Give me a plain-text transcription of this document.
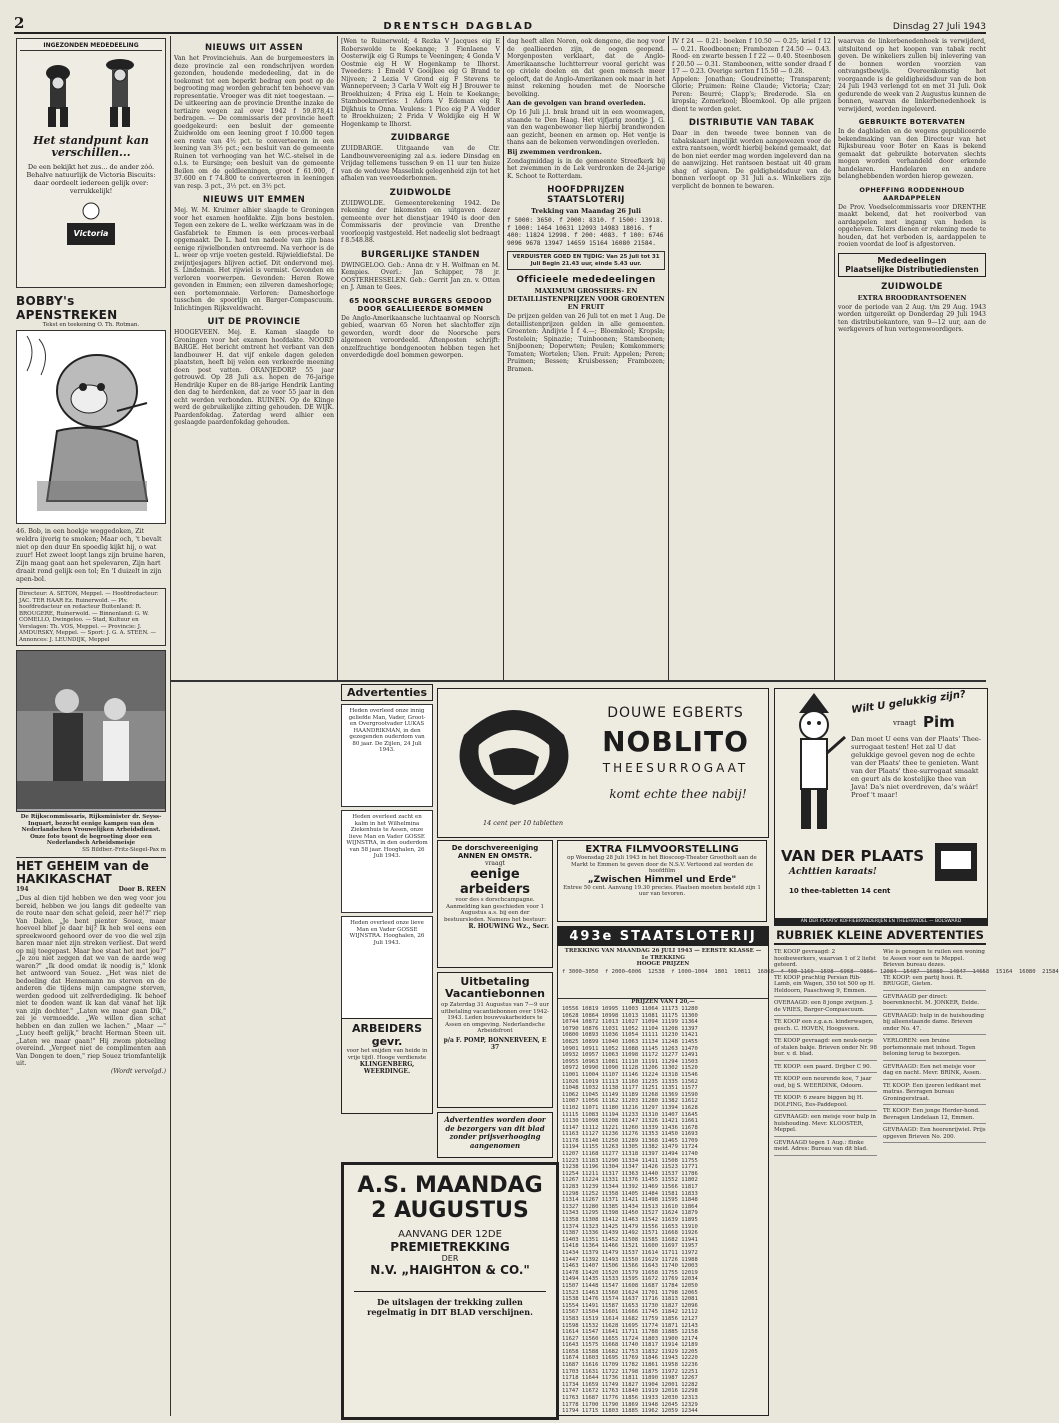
2	DRENTSCH DAGBLAD	Dinsdag 27 Juli 1943
INGEZONDEN MEDEDEELING
Het standpunt kan verschillen...
De een bekijkt het zus... de ander zóó. Behalve natuurlijk de Victoria Biscuits: daar oordeelt iedereen gelijk over: verrukkelijk!
Victoria
BOBBY's APENSTREKEN
Tekst en teekening O. Th. Rotman.
46. Bob, in een hoekje weggedoken, Zit weldra ijverig te smoken; Maar och, 't bevalt niet op den duur En spoedig kijkt hij, o wat zuur! Het zweet loopt langs zijn bruine haren, Zijn maag gaat aan het spelevaren, Zijn hart draait rond gelijk een tol; En 'I duizelt in zijn apen-bol.
Directeur: A. SETON, Meppel. — Hoofdredacteur: JAC. TER HAAR Ez. Ruinerwold. — Plv. hoofdredacteur en redacteur Buitenland: R. BROUGERE, Ruinerwold. — Binnenland: G. W. COMELLO, Dwingeloo. — Stad, Kultuur en Verslagen: Th. VOS, Meppel. — Provincie: J. AMDURSKY, Meppel. — Sport: J. G. A. STEEN. — Annonces: J. LEUNDIJK, Meppel
De Rijkscommissaris, Rijksminister dr. Seyss-Inquart, bezocht eenige kampen van den Nederlandschen Vrouwelijken Arbeidsdienst. Onze foto toont de begroeting door een Nederlandsch Arbeidsmeisje
SS Bildber.-Fritz-Siegel-Pax m
HET GEHEIM van de HAKIKASCHAT
194	Door B. REEN
„Dus al dien tijd hebben we den weg voor jou bereid, hebben we jou langs dit gedeelte van de route naar den schat geleid, zeer hé!?" riep Van Dalen. „Je bent pienter Souez, maar hoeveel blief je daar bij? Ik heb wel eens een spreekwoord gehoord over de voo die wel zijn haren maar niet zijn streken verliest. Dat werd op mij toegepast. Maar hoe staat het met jou?" „Je zou niet zeggen dat we van de aarde weg waren?" „Ik dood omdat ik noodig is," klonk het antwoord van Souez. „Het was niet de bedoeling dat Hennemann nu sterven en de anderen die tijdens mijn campagne sterven, werden gedood uit zelfverdediging. Ik behoef niet te dooden want ik kan dat vanaf het lijk van zijn dochter." „Laten we maar gaan Dik," zei je vermoedde. „We willen dien schat hebben en dan zullen we lachen." „Maar —" „Lucy heeft gelijk," bracht Herman Steen uit. „Laten we maar gaan!" Hij zwom plotseling overeind. „Vergeet niet de complimenten aan Van Dongen te doen," riep Souez triomfantelijk uit.
(Wordt vervolgd.)
NIEUWS UIT ASSEN
Van het Provinciehuis. Aan de burgemeesters in deze provincie zal een rondschrijven worden gezonden, houdende mededeeling, dat in de toekomst tot een beperkt bedrag een post op de begrooting mag worden gebracht ten behoeve van representatie. Vroeger was dit niet toegestaan. — De uitkeering aan de provincie Drenthe inzake de tertiaire wegen zal over 1942 f 59.878,41 bedragen. — De commissaris der provincie heeft goedgekeurd: een besluit der gemeente Zuidwolde om een leening groot f 10.000 tegen een rente van 4½ pct. te converteeren in een leening van 3½ pct.; een besluit van de gemeente Ruinen tot verhooging van het W.C.-stelsel in de o.l.s. te Eursinge; een besluit van de gemeente Beilen om de geldleeningen, groot f 61.900, f 37.600 en f 74.800 te converteeren in leeningen van resp. 3 pct., 3½ pct. en 3½ pct.
NIEUWS UIT EMMEN
Mej. W. M. Kruimer alhier slaagde te Groningen voor het examen hoofdakte. Zijn bons bestolen. Tegen een zekere de L. welke werkzaam was in de Gasfabriek te Emmen is een proces-verbaal opgemaakt. De L. had ten nadeele van zijn baas eenige rijwielbonden ontvreemd. Na verhoor is de L. weer op vrije voeten gesteld. Rijwieldiefstal. De zwijntjesjagers blijven actief. Dit ondervond mej. S. Lindeman. Het rijwiel is vermist. Gevonden en verloren voorwerpen. Gevonden: Heren Rowe gevonden in Emmen; een zilveren dameshorloge; een portemonnaie. Verloren: Dameshorloge tusschen de spoorlijn en Barger-Compascuum. Inlichtingen Rijksveldwacht.
UIT DE PROVINCIE
HOOGEVEEN. Mej. E. Kaman slaagde te Groningen voor het examen hoofdakte. NOORD BARGE. Het bericht omtrent het verbant van den landbouwer H. dat vijf enkele dagen geleden plaatsten, heeft bij velen een verkeerde meening doen post vatten. ORANJEDORP. 55 jaar getrouwd. Op 28 Juli a.s. hopen de 76-jarige Hendrikje Kuper en de 88-jarige Hendrik Lanting den dag te herdenken, dat ze voor 55 jaar in den echt werden verbonden. RUINEN. Op de Klinge werd de gebruikelijke zitting gehouden. DE WIJK. Paardenfokdag. Zaterdag werd alhier een geslaagde paardenfokdag gehouden.
[Wen te Ruinerwold; 4 Rezka V Jacques eig E Roberswolde te Koekange; 3 Fienlaene V Oosterwijk eig G Rumps te Veeningen; 4 Gonda V Oostmie eig H W Hogenkamp te Ilhorst. Tweeders: 1 Emeld V Gooijkee eig G Brand te Nijveen; 2 Lezia V Grond eig F Stevens te Wanneperveen; 3 Carla V Wolt eig H J Brouwer te Broekhuizen; 4 Frixa eig L Hein te Koekange; Stamboekmerries: 1 Adora V Edeman eig R Dijkhuis te Onna. Veulens: 1 Pico eig P A Vedder te Broekhuizen; 2 Frida V Woldijke eig H W Hogenkamp te Ilhorst.
ZUIDBARGE
ZUIDBARGE. Uitgaande van de Ctr. Landbouwvereeniging zal a.s. iedere Dinsdag en Vrijdag tellemens tusschen 9 en 11 uur ten huize van de weduwe Masselink gelegenheid zijn tot het afhalen van veevoederbonnen.
ZUIDWOLDE
ZUIDWOLDE. Gemeenterekening 1942. De rekening der inkomsten en uitgaven dezer gemeente over het dienstjaar 1940 is door den Commissaris der provincie van Drenthe voorloopig vastgesteld. Het nadeelig slot bedraagt f 8.548.88.
BURGERLIJKE STANDEN
DWINGELOO. Geb.: Anna dr. v H. Wolfman en M. Kempies. Overl.: Jan Schipper, 78 jr. OOSTERHESSELEN. Geb.: Gerrit Jan zn. v. Otten en J. Aman te Gees.
65 NOORSCHE BURGERS GEDOOD DOOR GEALLIEERDE BOMMEN
De Anglo-Amerikaansche luchtaanval op Noorsch gebied, waarvan 65 Noren het slachtoffer zijn geworden, wordt door de Noorsche pers algemeen veroordeeld. Aftenposten schrijft: onzelfzuchtige bondgenooten hebben tegen het onverdedigde doel bommen geworpen.
dag heeft allen Noren, ook dengene, die nog voor de geallieerden zijn, de oogen geopend. Morgenposten verklaart, dat de Anglo-Amerikaansche luchtterreur vooral gericht was op civiele doelen en dat geen mensch meer gelooft, dat de Anglo-Amerikanen ook maar in het minst rekening houden met de Noorsche bevolking.
Aan de gevolgen van brand overleden.
Op 16 Juli j.l. brak brand uit in een woonwagen, staande te Den Haag. Het vijfjarig zoontje J. G. van den wagenbewoner liep hierbij brandwonden aan gezicht, beenen en armen op. Het ventje is thans aan de bekomen verwondingen overleden.
Bij zwemmen verdronken.
Zondagmiddag is in de gemeente Streefkerk bij het zwemmen in de Lek verdronken de 24-jarige K. Schoot te Rotterdam.
HOOFDPRIJZEN STAATSLOTERIJ
Trekking van Maandag 26 Juli
f 5000: 3650. f 2000: 8310. f 1500: 13918. f 1000: 1464 10631 12093 14983 18016. f 400: 11824 12998. f 200: 4083. f 100: 6746 9096 9678 13947 14659 15164 16080 21584.
VERDUISTER GOED EN TIJDIG: Van 25 Juli tot 31 Juli Begin 21.43 uur, einde 5.43 uur.
Officieele mededeelingen
MAXIMUM GROSSIERS- EN DETAILLISTENPRIJZEN VOOR GROENTEN EN FRUIT
De prijzen gelden van 26 Juli tot en met 1 Aug. De detaillistenprijzen gelden in alle gemeenten. Groenten: Andijvie I f 4.—; Bloemkool; Kropsla; Postelein; Spinazie; Tuinboonen; Stamboonen; Snijboonen; Doperwten; Peulen; Komkommers; Tomaten; Wortelen; Uien. Fruit: Appelen; Peren; Pruimen; Bessen; Kruisbessen; Frambozen; Bramen.
IV f 24 — 0.21: boeken f 10.50 — 0.25; kriel f 12 — 0.21. Roodboonen; Frambozen f 24.50 — 0.43. Rood- en zwarte bessen I f 22 — 0.40. Steenbosen f 20.50 — 0.31. Stamboonen, witte sonder draad f 17 — 0.23. Overige sorten f 15.50 — 0.28.
Appelen: Jonathan; Goudreinette; Transparent; Glorie; Pruimen: Reine Claude; Victoria; Czar; Peren: Beurré; Clapp's; Brederode. Sla en kropsla; Zomerkool; Bloemkool. Op alle prijzen dient te worden gelet.
DISTRIBUTIE VAN TABAK
Daar in den tweede twee bonnen van de tabakskaart ingelijkt worden aangewezen voor de extra rantsoen, wordt hierbij bekend gemaakt, dat de bon niet eerder mag worden ingeleverd dan na de aanwijzing. Het rantsoen bestaat uit 40 gram shag of sigaren. De geldigheidsduur van de bonnen verloopt op 31 Juli a.s. Winkeliers zijn verplicht de bonnen te bewaren.
waarvan de linkerbenedenhoek is verwijderd, uitsluitend op het koopen van tabak recht geven. De winkeliers zullen bij inlevering van de bonnen worden voorzien van ontvangstbewijs. Overeenkomstig het voorgaande is de geldigheidsduur van de bon 24 Juli 1943 verlengd tot en met 31 Juli. Ook gedurende de week van 2 Augustus kunnen de bonnen, waarvan de linkerbenedenhoek is verwijderd, worden ingeleverd.
GEBRUIKTE BOTERVATEN
In de dagbladen en de wegens gepubliceerde bekendmaking van den Directeur van het Rijksbureau voor Boter en Kaas is bekend gemaakt dat gebruikte botervaten slechts mogen worden verhandeld door erkende handelaren. Handelaren en andere belanghebbenden worden hierop gewezen.
OPHEFFING RODDENHOUD AARDAPPELEN
De Prov. Voedselcommissaris voor DRENTHE maakt bekend, dat het rooiverbod van aardappelen met ingang van heden is opgeheven. Telers dienen er rekening mede te houden, dat het verboden is, aardappelen te rooien voordat de loof is afgestorven.
Mededeelingen
Plaatselijke Distributiediensten
ZUIDWOLDE
EXTRA BROODRANTSOENEN
voor de periode van 2 Aug. t/m 29 Aug. 1943 worden uitgereikt op Donderdag 29 Juli 1943 ten distributiekantore, van 9—12 uur, aan de werkgevers of hun vertegenwoordigers.
Advertenties
Heden overleed onze innig geliefde Man, Vader, Groot- en Overgrootvader LUKAS HAANDRIKMAN, in den gezegenden ouderdom van 80 jaar. De Zijlen, 24 Juli 1943.
Heden overleed zacht en kalm in het Wilhelmina Ziekenhuis te Assen, onze lieve Man en Vader GOSSE WIJNSTRA, in den ouderdom van 58 jaar. Hooghalen, 26 Juli 1943.
Heden overleed onze lieve Man en Vader GOSSE WIJNSTRA. Hooghalen, 26 Juli 1943.
DOUWE EGBERTS
NOBLITO
THEESURROGAAT
komt echte thee nabij!
14 cent per 10 tabletten
Wilt U gelukkig zijn?
vraagt Pim
Dan moet U eens van der Plaats' Thee-surrogaat testen! Het zal U dat gelukkige gevoel geven nog de echte van der Plaats' thee te genieten. Want van der Plaats' thee-surrogaat smaakt en geurt als de kostelijke thee van Java! Da's niet overdreven, da's wáár! Proef 't maar!
VAN DER PLAATS
Achttien karaats!
10 thee-tabletten 14 cent
AN DER PLAATS' KOFFIEBRANDERIJEN EN THEEHANDEL — BOLSWARD
De dorschvereeniging ANNEN EN OMSTR.
vraagt
eenige arbeiders
voor des s dorschcampagne. Aanmelding kan geschieden voor 1 Augustus a.s. bij een der bestuursleden. Namens het bestuur:
R. HOUWING Wz., Secr.
EXTRA FILMVOORSTELLING
op Woensdag 28 Juli 1943 in het Bioscoop-Theater Grootholt aan de Markt te Emmen te geven door de N.S.V. Vertoond zal worden de hoofdfilm
„Zwischen Himmel und Erde"
Entree 50 cent. Aanvang 19.30 precies. Plaatsen moeten besteld zijn 1 uur van tevoren.
493e STAATSLOTERIJ
TREKKING VAN MAANDAG 26 JULI 1943 — EERSTE KLASSE — 1e TREKKING
HOOGE PRIJZEN
f 3000—3050  f 2000—6006  12538  f 1000—1004  1801  10811  16868  f 400—1160  1598  6968  9866  12084  15487  16080  14047  14658  15164  16080  21584
PRIJZEN VAN f 20,—
10556 10819 10995 11003 11064 11173 11280
10628 10864 10998 11013 11081 11175 11300
10744 10872 11013 11027 11094 11199 11364
10790 10876 11031 11052 11104 11208 11397
10800 10893 11036 11054 11111 11230 11421
10825 10899 11040 11063 11134 11248 11455
10901 10911 11052 11088 11145 11263 11470
10932 10957 11063 11098 11172 11277 11491
10955 10963 11081 11110 11191 11294 11503
10972 10990 11090 11128 11206 11302 11520
11001 11004 11107 11146 11224 11318 11546
11026 11019 11113 11160 11235 11335 11562
11048 11032 11138 11177 11251 11351 11577
11062 11045 11149 11189 11268 11369 11590
11087 11056 11162 11203 11280 11382 11612
11102 11071 11180 11216 11297 11394 11628
11115 11083 11194 11233 11310 11407 11645
11130 11098 11208 11247 11326 11421 11661
11147 11112 11221 11260 11339 11436 11678
11163 11127 11236 11276 11353 11450 11693
11178 11140 11250 11289 11368 11465 11709
11194 11155 11263 11305 11382 11479 11724
11207 11168 11277 11318 11397 11494 11740
11223 11183 11290 11334 11411 11508 11755
11238 11196 11304 11347 11426 11523 11771
11254 11211 11317 11363 11440 11537 11786
11267 11224 11331 11376 11455 11552 11802
11283 11239 11344 11392 11469 11566 11817
11298 11252 11358 11405 11484 11581 11833
11314 11267 11371 11421 11498 11595 11848
11327 11280 11385 11434 11513 11610 11864
11343 11295 11398 11450 11527 11624 11879
11358 11308 11412 11463 11542 11639 11895
11374 11323 11425 11479 11556 11653 11910
11387 11336 11439 11492 11571 11668 11926
11403 11351 11452 11508 11585 11682 11941
11418 11364 11466 11521 11600 11697 11957
11434 11379 11479 11537 11614 11711 11972
11447 11392 11493 11550 11629 11726 11988
11463 11407 11506 11566 11643 11740 12003
11478 11420 11520 11579 11658 11755 12019
11494 11435 11533 11595 11672 11769 12034
11507 11448 11547 11608 11687 11784 12050
11523 11463 11560 11624 11701 11798 12065
11538 11476 11574 11637 11716 11813 12081
11554 11491 11587 11653 11730 11827 12096
11567 11504 11601 11666 11745 11842 12112
11583 11519 11614 11682 11759 11856 12127
11598 11532 11628 11695 11774 11871 12143
11614 11547 11641 11711 11788 11885 12158
11627 11560 11655 11724 11803 11900 12174
11643 11575 11668 11740 11817 11914 12189
11658 11588 11682 11753 11832 11929 12205
11674 11603 11695 11769 11846 11943 12220
11687 11616 11709 11782 11861 11958 12236
11703 11631 11722 11798 11875 11972 12251
11718 11644 11736 11811 11890 11987 12267
11734 11659 11749 11827 11904 12001 12282
11747 11672 11763 11840 11919 12016 12298
11763 11687 11776 11856 11933 12030 12313
11778 11700 11790 11869 11948 12045 12329
11794 11715 11803 11885 11962 12059 12344
Uitbetaling Vacantiebonnen
op Zaterdag 31 Augustus van 7—9 uur uitbetaling vacantiebonnen over 1942-1943. Leden bouwvakarbeiders te Assen en omgeving. Nederlandsche Arbeidsfront
p/a F. POMP, BONNERVEEN, E 37
ARBEIDERS gevr.
voor het snijden van heide in vrije tijd). Hooge verdienste
KLINGENBERG, WEERDINGE.
Advertenties worden door de bezorgers van dit blad zonder prijsverhooging aangenomen
A.S. MAANDAG
2 AUGUSTUS
AANVANG DER 12DE
PREMIETREKKING
DER
N.V. „HAIGHTON & CO."
De uitslagen der trekking zullen regelmatig in DIT BLAD verschijnen.
RUBRIEK KLEINE ADVERTENTIES
TE KOOP gevraagd: 2 hooibewerkers, waarvan 1 of 2 liefst geteerd.
TE KOOP prachtig Persian Rib-Lamb, ein Wagen, 350 tot 500 op H. Heldoorn, Paaschweg 9, Emmen.
OVERAAGD: een 8 jonge zwijnen. J. de VRIES, Barger-Compascuum.
TE KOOP een z.g.a.n. kinderwagen, gesch. C. HOVEN, Hoogeveen.
TE KOOP gevraagd: een neuk-nerje of stalen bakje. Brieven onder Nr. 98 bur. v. d. blad.
TE KOOP: een paard. Drijber C 90.
TE KOOP een neurende koe, 7 jaar oud, bij S. WEERDINK, Odoorn.
TE KOOP: 6 zware biggen bij H. DOLFING, Ees-Paddepool.
GEVRAAGD: een meisje voor hulp in huishouding. Mevr. KLOOSTER, Meppel.
GEVRAAGD tegen 1 Aug.: flinke meid. Adres: Bureau van dit blad.
Wie is genegen te ruilen een woning te Assen voor een te Meppel. Brieven bureau dezes.
TE KOOP: een partij hooi. R. BRUGGE, Gieten.
GEVRAAGD per direct: boerenknecht. M. JONKER, Eelde.
GEVRAAGD: hulp in de huishouding bij alleenstaande dame. Brieven onder No. 47.
VERLOREN: een bruine portemonnaie met inhoud. Tegen beloning terug te bezorgen.
GEVRAAGD: Een net meisje voor dag en nacht. Mevr. BRINK, Assen.
TE KOOP: Een ijzeren ledikant met matras. Bevragen bureau Groningerstraat.
TE KOOP: Een jonge Herder-hond. Bevragen Lindelaan 12, Emmen.
GEVRAAGD: Een heerenrijwiel. Prijs opgeven Brieven No. 200.
